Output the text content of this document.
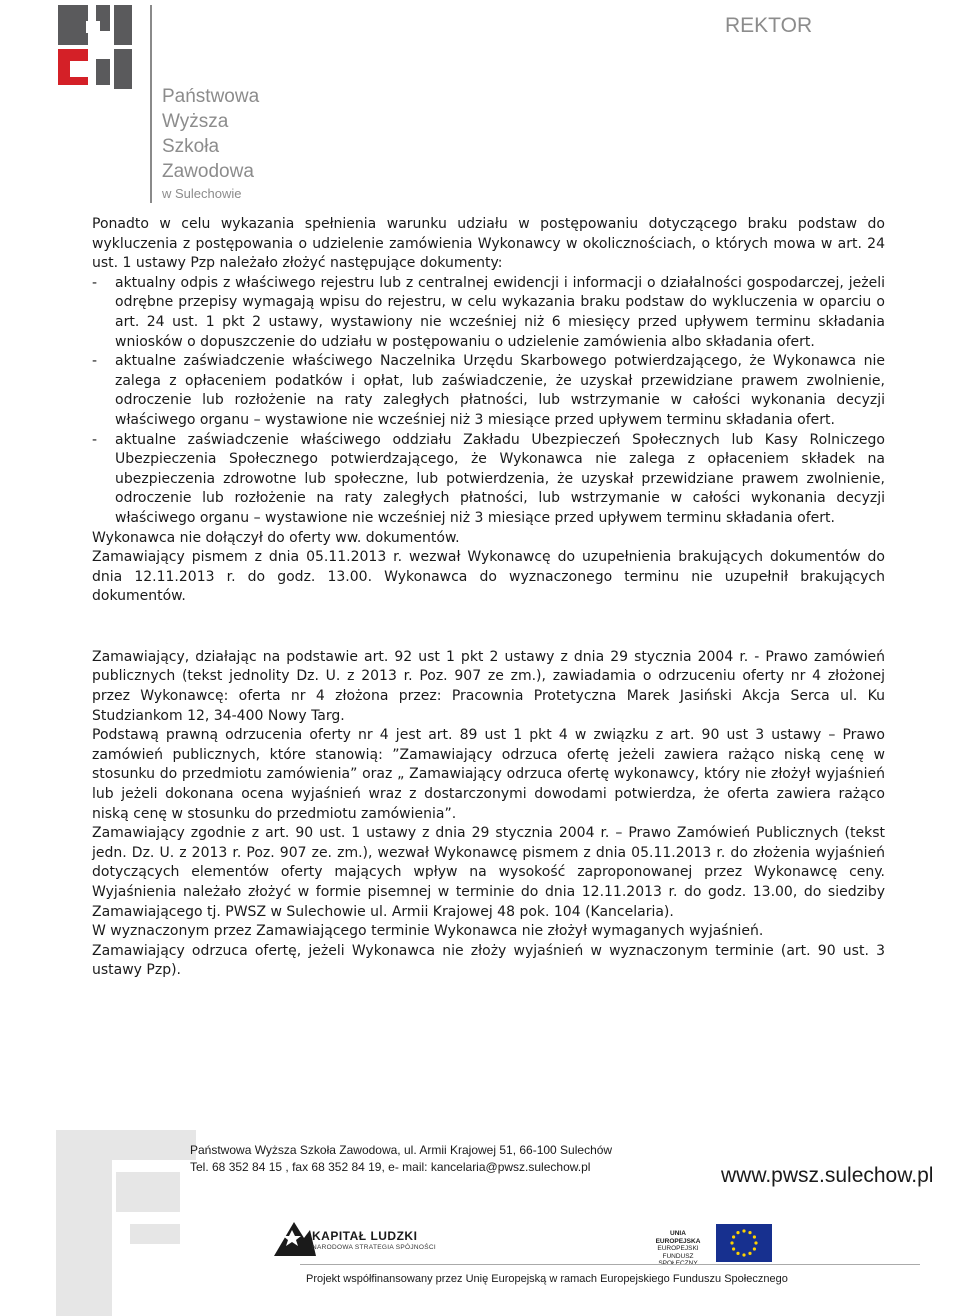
Państwowa
Wyższa
Szkoła
Zawodowa
w Sulechowie
REKTOR

Ponadto w celu wykazania spełnienia warunku udziału w postępowaniu dotyczącego braku podstaw do wykluczenia z postępowania o udzielenie zamówienia Wykonawcy w okolicznościach, o których mowa w art. 24 ust. 1 ustawy Pzp należało złożyć następujące dokumenty:

- aktualny odpis z właściwego rejestru lub z centralnej ewidencji i informacji o działalności gospodarczej, jeżeli odrębne przepisy wymagają wpisu do rejestru, w celu wykazania braku podstaw do wykluczenia w oparciu o art. 24 ust. 1 pkt 2 ustawy, wystawiony nie wcześniej niż 6 miesięcy przed upływem terminu składania wniosków o dopuszczenie do udziału w postępowaniu o udzielenie zamówienia albo składania ofert.

- aktualne zaświadczenie właściwego Naczelnika Urzędu Skarbowego potwierdzającego, że Wykonawca nie zalega z opłaceniem podatków i opłat, lub zaświadczenie, że uzyskał przewidziane prawem zwolnienie, odroczenie lub rozłożenie na raty zaległych płatności, lub wstrzymanie w całości wykonania decyzji właściwego organu – wystawione nie wcześniej niż 3 miesiące przed upływem terminu składania ofert.

- aktualne zaświadczenie właściwego oddziału Zakładu Ubezpieczeń Społecznych lub Kasy Rolniczego Ubezpieczenia Społecznego potwierdzającego, że Wykonawca nie zalega z opłaceniem składek na ubezpieczenia zdrowotne lub społeczne, lub potwierdzenia, że uzyskał przewidziane prawem zwolnienie, odroczenie lub rozłożenie na raty zaległych płatności, lub wstrzymanie w całości wykonania decyzji właściwego organu – wystawione nie wcześniej niż 3 miesiące przed upływem terminu składania ofert.

Wykonawca nie dołączył do oferty ww. dokumentów.

Zamawiający pismem z dnia 05.11.2013 r. wezwał Wykonawcę do uzupełnienia brakujących dokumentów do dnia 12.11.2013 r. do godz. 13.00. Wykonawca do wyznaczonego terminu nie uzupełnił brakujących dokumentów.

Zamawiający, działając na podstawie art. 92 ust 1 pkt 2 ustawy z dnia 29 stycznia 2004 r. - Prawo zamówień publicznych (tekst jednolity Dz. U. z 2013 r. Poz. 907 ze zm.), zawiadamia o odrzuceniu oferty nr 4 złożonej przez Wykonawcę: oferta nr 4 złożona przez: Pracownia Protetyczna Marek Jasiński Akcja Serca ul. Ku Studziankom 12, 34-400 Nowy Targ.

Podstawą prawną odrzucenia oferty nr 4 jest art. 89 ust 1 pkt 4 w związku z art. 90 ust 3 ustawy – Prawo zamówień publicznych, które stanowią: ”Zamawiający odrzuca ofertę jeżeli zawiera rażąco niską cenę w stosunku do przedmiotu zamówienia” oraz „ Zamawiający odrzuca ofertę wykonawcy, który nie złożył wyjaśnień lub jeżeli dokonana ocena wyjaśnień wraz z dostarczonymi dowodami potwierdza, że oferta zawiera rażąco niską cenę w stosunku do przedmiotu zamówienia”.

Zamawiający zgodnie z art. 90 ust. 1 ustawy z dnia 29 stycznia 2004 r. – Prawo Zamówień Publicznych (tekst jedn. Dz. U. z 2013 r. Poz. 907 ze. zm.), wezwał Wykonawcę pismem z dnia 05.11.2013 r. do złożenia wyjaśnień dotyczących elementów oferty mających wpływ na wysokość zaproponowanej przez Wykonawcę ceny. Wyjaśnienia należało złożyć w formie pisemnej w terminie do dnia 12.11.2013 r. do godz. 13.00, do siedziby Zamawiającego tj. PWSZ w Sulechowie ul. Armii Krajowej 48 pok. 104 (Kancelaria).

W wyznaczonym przez Zamawiającego terminie Wykonawca nie złożył wymaganych wyjaśnień.

Zamawiający odrzuca ofertę, jeżeli Wykonawca nie złoży wyjaśnień w wyznaczonym terminie (art. 90 ust. 3 ustawy Pzp).

Państwowa Wyższa Szkoła Zawodowa, ul. Armii Krajowej 51, 66-100 Sulechów
Tel. 68 352 84 15 , fax 68 352 84 19, e- mail: kancelaria@pwsz.sulechow.pl	www.pwsz.sulechow.pl
KAPITAŁ LUDZKI
NARODOWA STRATEGIA SPÓJNOŚCI
UNIA EUROPEJSKA
EUROPEJSKI
FUNDUSZ
Projekt współfinansowany przez Unię Europejską w ramach Europejskiego Funduszu Społecznego
